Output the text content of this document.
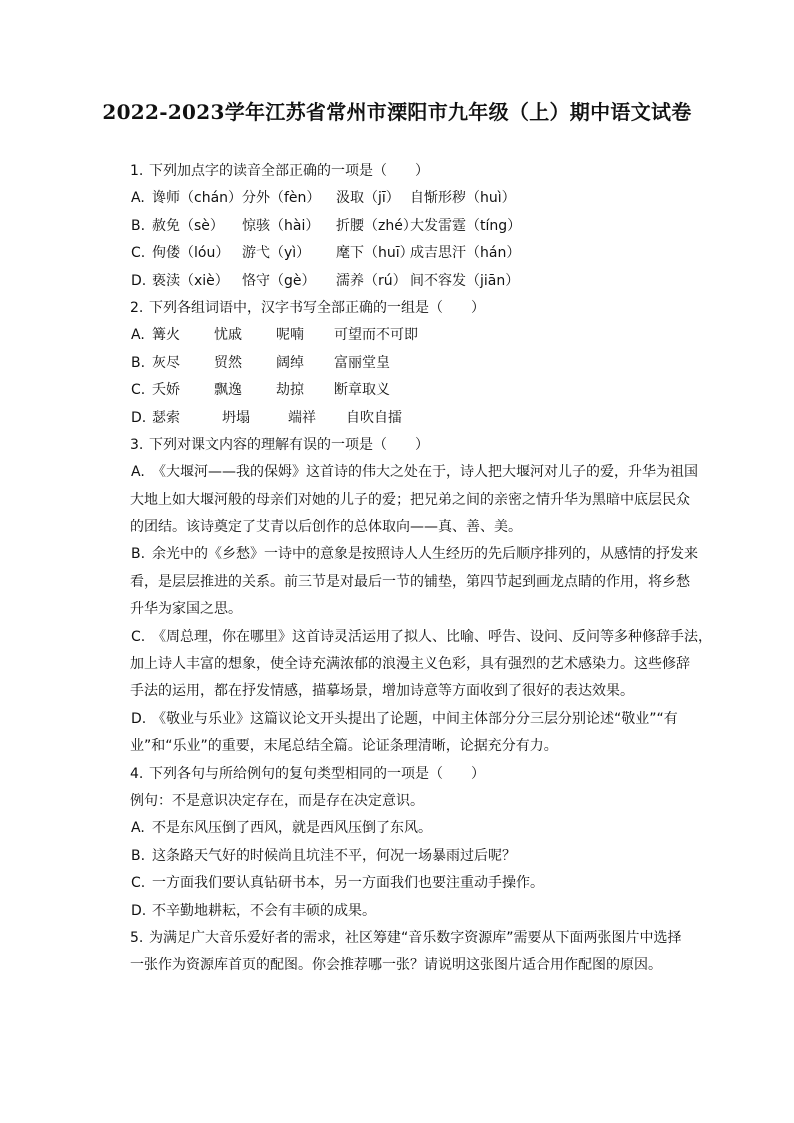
2022-2023学年江苏省常州市溧阳市九年级（上）期中语文试卷
1. 下列加点字的读音全部正确的一项是（　　）
A. 谗师（chán）分外（fèn） 汲取（jī） 自惭形秽（huì）
B. 赦免（sè） 惊骇（hài） 折腰（zhé）大发雷霆（tíng）
C. 佝偻（lóu） 游弋（yì） 麾下（huī）成吉思汗（hán）
D. 亵渎（xiè） 恪守（gè） 濡养（rú） 间不容发（jiān）
2. 下列各组词语中，汉字书写全部正确的一组是（　　）
A. 篝火 忧戚 呢喃 可望而不可即
B. 灰尽 贸然 阔绰 富丽堂皇
C. 夭娇 飘逸 劫掠 断章取义
D. 瑟索	坍塌	端祥 自吹自擂
3. 下列对课文内容的理解有误的一项是（　　）
A. 《大堰河——我的保姆》这首诗的伟大之处在于，诗人把大堰河对儿子的爱，升华为祖国
大地上如大堰河般的母亲们对她的儿子的爱；把兄弟之间的亲密之情升华为黑暗中底层民众
的团结。该诗奠定了艾青以后创作的总体取向——真、善、美。
B. 余光中的《乡愁》一诗中的意象是按照诗人人生经历的先后顺序排列的，从感情的抒发来
看，是层层推进的关系。前三节是对最后一节的铺垫，第四节起到画龙点睛的作用，将乡愁
升华为家国之思。
C. 《周总理，你在哪里》这首诗灵活运用了拟人、比喻、呼告、设问、反问等多种修辞手法，
加上诗人丰富的想象，使全诗充满浓郁的浪漫主义色彩，具有强烈的艺术感染力。这些修辞
手法的运用，都在抒发情感，描摹场景，增加诗意等方面收到了很好的表达效果。
D. 《敬业与乐业》这篇议论文开头提出了论题，中间主体部分分三层分别论述“敬业”“有
业”和“乐业”的重要，末尾总结全篇。论证条理清晰，论据充分有力。
4. 下列各句与所给例句的复句类型相同的一项是（　　）
例句：不是意识决定存在，而是存在决定意识。
A. 不是东风压倒了西风，就是西风压倒了东风。
B. 这条路天气好的时候尚且坑洼不平，何况一场暴雨过后呢？
C. 一方面我们要认真钻研书本，另一方面我们也要注重动手操作。
D. 不辛勤地耕耘，不会有丰硕的成果。
5. 为满足广大音乐爱好者的需求，社区筹建“音乐数字资源库”需要从下面两张图片中选择
一张作为资源库首页的配图。你会推荐哪一张？请说明这张图片适合用作配图的原因。
